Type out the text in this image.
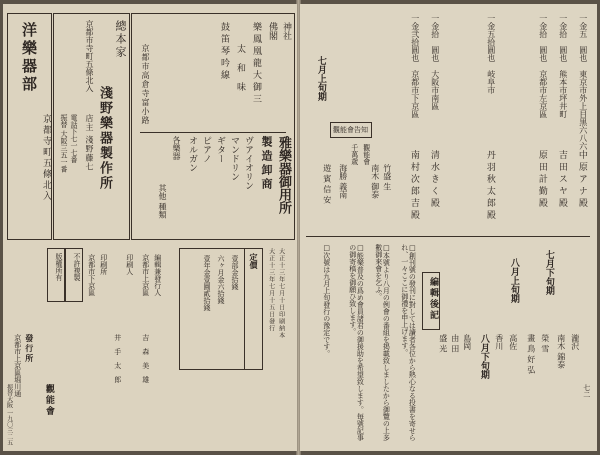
洋樂器部
京都寺町五條北入
總本家
淺野樂器製作所
店主 淺野藤七
京都市寺町五條北入
電話下七一七番
振替 大阪三五一番
神社
佛閣
樂鳳凰龍大御三
太和味
鼓笛琴吟線
雅樂器御用所
製造卸商
ヴアイオリン
マンドリン
ギター
ピアノ
オルガン
各樂器
其他 種類
京都市高倉寺富小路
大正十三年七月十日印刷納本
大正十三年七月十五日發行
定價
壹部金拾錢
六ヶ月金六拾錢
壹年金壹圓貳拾錢
編輯兼發行人
京都市上京區
吉　森　美　雄
印刷人
井　手　太　郎
印刷所
京都市下京區
不許複製
版權所有
發行所
京都市上京區堀川通
觀能會
振替大阪 一九〇三二五	七二
一金五　圓也　東京市外上目黒六八六
中原アナ殿
一金拾　圓也　熊本市坪井町
吉田スヤ殿
一金拾　圓也　京都市左京區
原田計勤殿
一金五拾圓也　岐阜市
丹羽秋太郎殿
一金拾　圓也　大阪市南區
清水きく殿
一金弐拾圓也　京都市下京區
南村次郎吉殿
七月上旬期
觀能會告知
觀能會
千萬歳
竹盛 生
南木 御泰
海勝 義南
遊 賓 信 安
七月下旬期
瀧沢
南木 錦泰
榮 雪
畫 鳥 好 弘
八月上旬期
高佐
香川
八月下旬期
島岡
由 田
盛 光
編輯後記
□創刊號の發刊に對しては讀者各位から熱心なる投書を寄せられ、一々ここに御禮を申上げます。
□本號より八月の例會の番組を掲載致しましたから御覽の上多數御來會を乞ふ。
□能樂普及の爲め會員諸君の御援助を希望致します。毎號記事の御寄稿を御願ひ致します。
□次號は九月上旬發行の豫定です。
